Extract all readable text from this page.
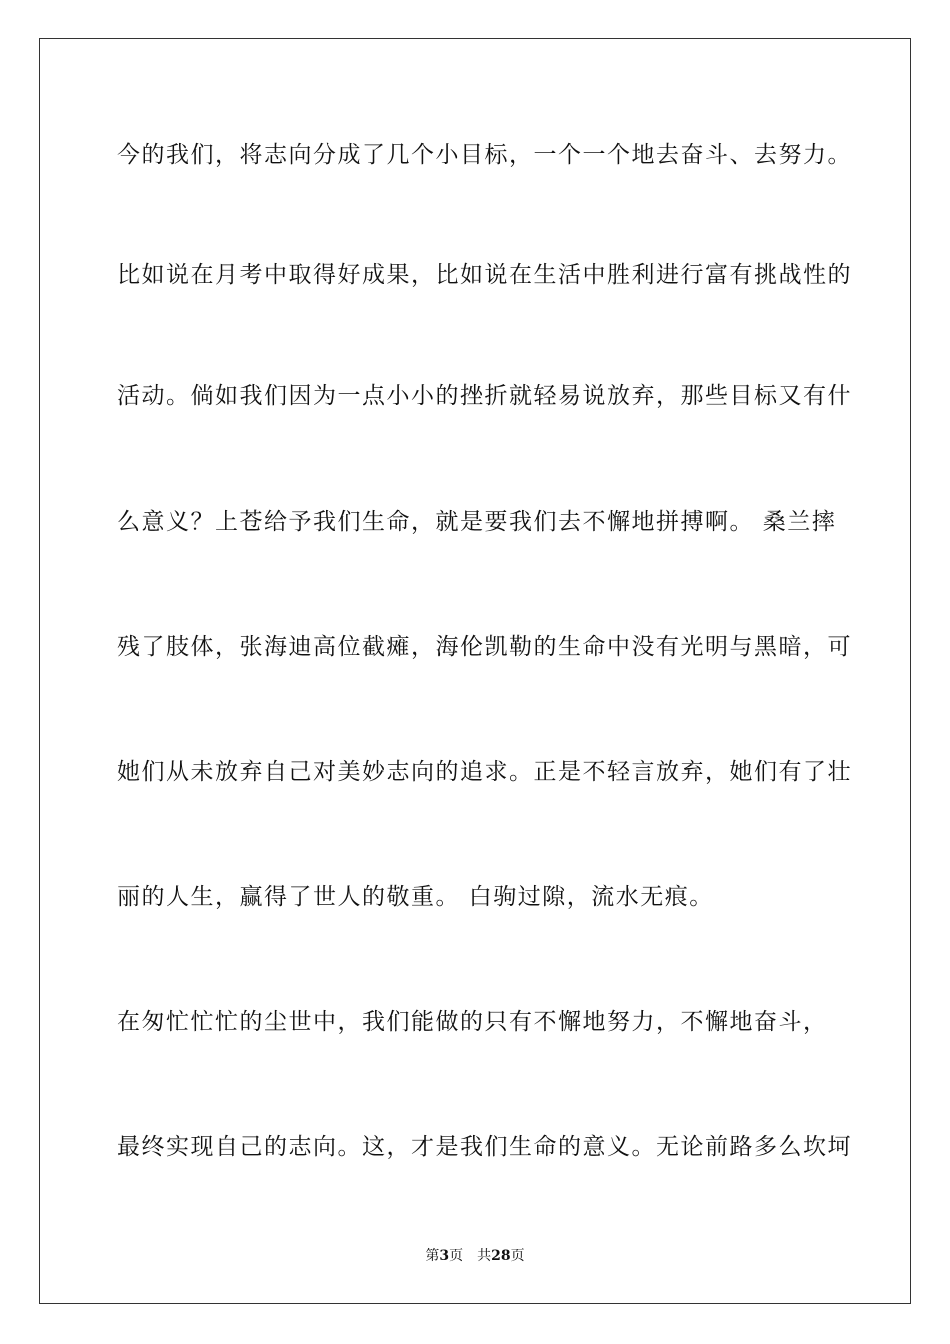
今的我们，将志向分成了几个小目标，一个一个地去奋斗、去努力。
比如说在月考中取得好成果，比如说在生活中胜利进行富有挑战性的
活动。倘如我们因为一点小小的挫折就轻易说放弃，那些目标又有什
么意义？上苍给予我们生命，就是要我们去不懈地拼搏啊。 桑兰摔
残了肢体，张海迪高位截瘫，海伦凯勒的生命中没有光明与黑暗，可
她们从未放弃自己对美妙志向的追求。正是不轻言放弃，她们有了壮
丽的人生，赢得了世人的敬重。 白驹过隙，流水无痕。
在匆忙忙忙的尘世中，我们能做的只有不懈地努力，不懈地奋斗，
最终实现自己的志向。这，才是我们生命的意义。无论前路多么坎坷
第3页 共28页
